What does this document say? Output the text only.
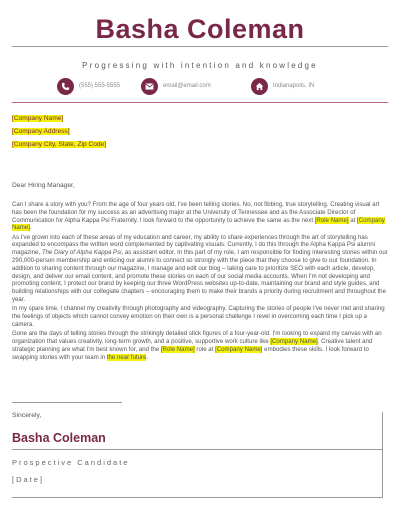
Basha Coleman
Progressing with intention and knowledge
(555) 555-5555	email@email.com	Indianapolis, IN
[Company Name]
[Company Address]
[Company City, State, Zip Code]
Dear Hiring Manager,

Can I share a story with you? From the age of four years old, I've been telling stories. No, not fibbing, true storytelling. Creating visual art has been the foundation for my success as an advertising major at the University of Tennessee and as the Associate Director of Communication for Alpha Kappa Psi Fraternity. I look forward to the opportunity to achieve the same as the next [Role Name] at [Company Name].

As I've grown into each of these areas of my education and career, my ability to share experiences through the art of storytelling has expanded to encompass the written word complemented by captivating visuals. Currently, I do this through the Alpha Kappa Psi alumni magazine, The Diary of Alpha Kappa Psi, as assistant editor. In this part of my role, I am responsible for finding interesting stories within our 290,000-person membership and enticing our alumni to connect so strongly with the piece that they choose to give to our foundation. In addition to sharing content through our magazine, I manage and edit our blog – taking care to prioritize SEO with each article, develop, design, and deliver our email content, and promote these stories on each of our social media accounts. When I'm not developing and promoting content, I protect our brand by keeping our three WordPress websites up-to-date, maintaining our brand and style guides, and building relationships with our collegiate chapters – encouraging them to make their brands a priority during recruitment and throughout the year.

In my spare time, I channel my creativity through photography and videography. Capturing the stories of people I've never met and sharing the feelings of objects which cannot convey emotion on their own is a personal challenge I revel in overcoming each time I pick up a camera.

Gone are the days of telling stories through the strikingly detailed stick figures of a four-year-old. I'm looking to expand my canvas with an organization that values creativity, long-term growth, and a positive, supportive work culture like [Company Name]. Creative talent and strategic planning are what I'm best known for, and the [Role Name] role at [Company Name] embodies these skills. I look forward to swapping stories with your team in the near future.

Sincerely,
Basha Coleman
Prospective Candidate
[Date]
